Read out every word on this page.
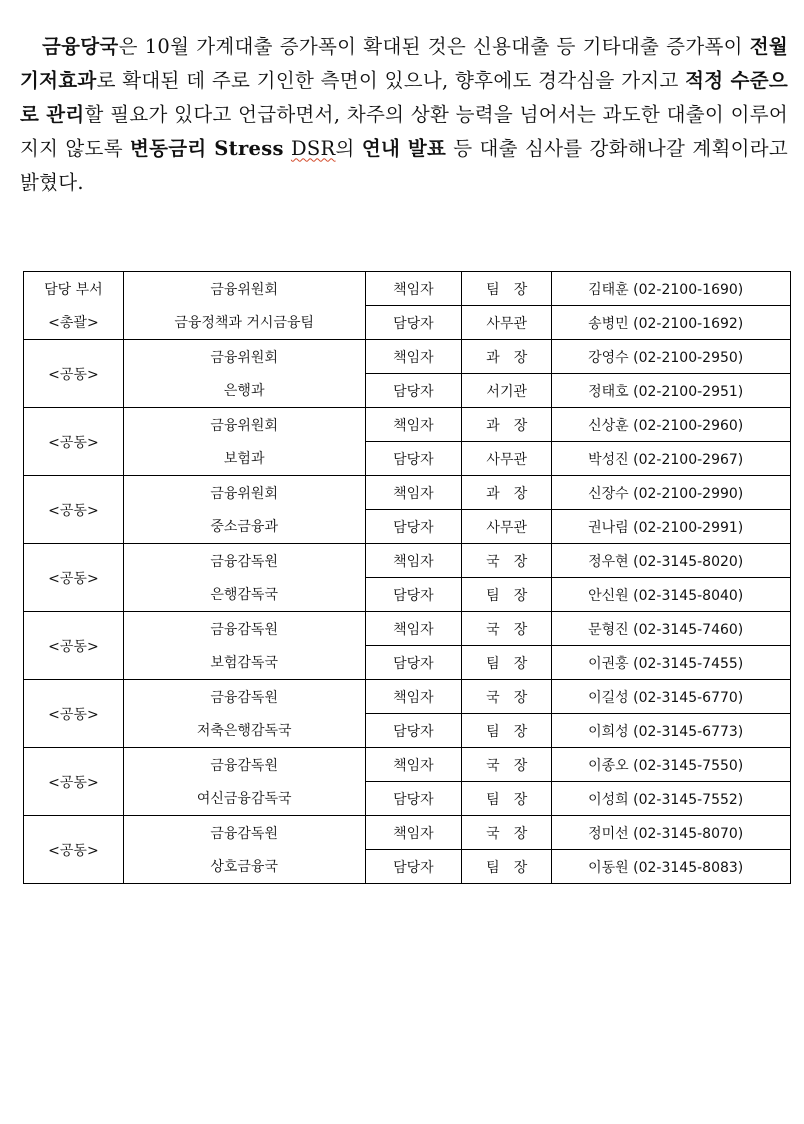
금융당국은 10월 가계대출 증가폭이 확대된 것은 신용대출 등 기타대출 증가폭이 전월 기저효과로 확대된 데 주로 기인한 측면이 있으나, 향후에도 경각심을 가지고 적정 수준으로 관리할 필요가 있다고 언급하면서, 차주의 상환 능력을 넘어서는 과도한 대출이 이루어지지 않도록 변동금리 Stress DSR의 연내 발표 등 대출 심사를 강화해나갈 계획이라고 밝혔다.

담당 부서	금융위원회	책임자	팀　장	김태훈 (02-2100-1690)
<총괄>	금융정책과 거시금융팀	담당자	사무관	송병민 (02-2100-1692)
<공동>	금융위원회	책임자	과　장	강영수 (02-2100-2950)
	은행과	담당자	서기관	정태호 (02-2100-2951)
<공동>	금융위원회	책임자	과　장	신상훈 (02-2100-2960)
	보험과	담당자	사무관	박성진 (02-2100-2967)
<공동>	금융위원회	책임자	과　장	신장수 (02-2100-2990)
	중소금융과	담당자	사무관	권나림 (02-2100-2991)
<공동>	금융감독원	책임자	국　장	정우현 (02-3145-8020)
	은행감독국	담당자	팀　장	안신원 (02-3145-8040)
<공동>	금융감독원	책임자	국　장	문형진 (02-3145-7460)
	보험감독국	담당자	팀　장	이권홍 (02-3145-7455)
<공동>	금융감독원	책임자	국　장	이길성 (02-3145-6770)
	저축은행감독국	담당자	팀　장	이희성 (02-3145-6773)
<공동>	금융감독원	책임자	국　장	이종오 (02-3145-7550)
	여신금융감독국	담당자	팀　장	이성희 (02-3145-7552)
<공동>	금융감독원	책임자	국　장	정미선 (02-3145-8070)
	상호금융국	담당자	팀　장	이동원 (02-3145-8083)
